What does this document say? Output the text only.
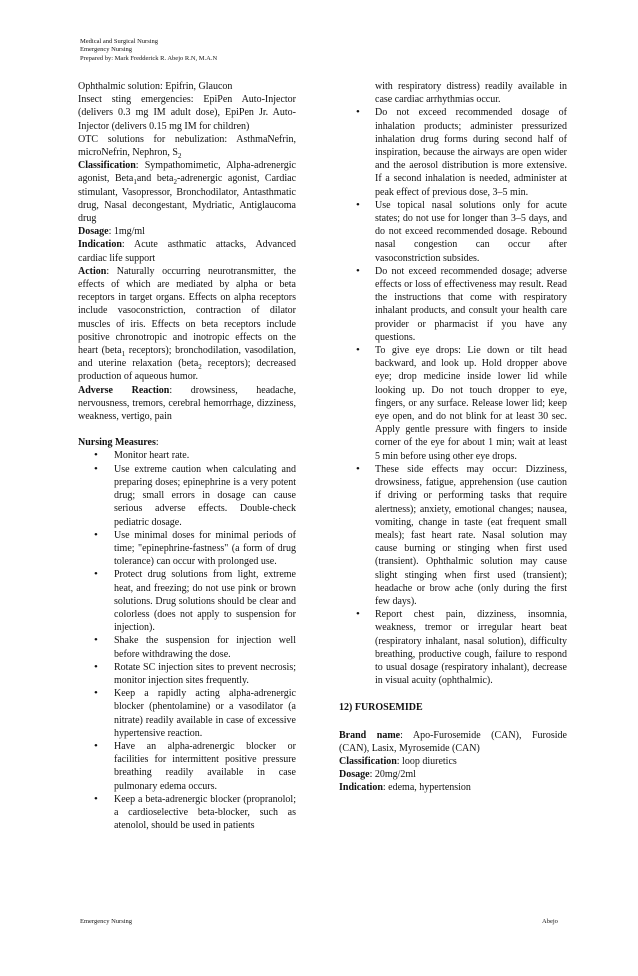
Medical and Surgical Nursing
Emergency Nursing
Prepared by: Mark Fredderick R. Abejo R.N, M.A.N

Ophthalmic solution: Epifrin, Glaucon

Insect sting emergencies: EpiPen Auto-Injector (delivers 0.3 mg IM adult dose), EpiPen Jr. Auto-Injector (delivers 0.15 mg IM for children)

OTC solutions for nebulization: AsthmaNefrin, microNefrin, Nephron, $S_2$

Classification: Sympathomimetic, Alpha-adrenergic agonist, Beta$_1$and beta$_2$-adrenergic agonist, Cardiac stimulant, Vasopressor, Bronchodilator, Antasthmatic drug, Nasal decongestant, Mydriatic, Antiglaucoma drug

Dosage: 1mg/ml

Indication: Acute asthmatic attacks, Advanced cardiac life support

Action: Naturally occurring neurotransmitter, the effects of which are mediated by alpha or beta receptors in target organs. Effects on alpha receptors include vasoconstriction, contraction of dilator muscles of iris. Effects on beta receptors include positive chronotropic and inotropic effects on the heart (beta$_1$ receptors); bronchodilation, vasodilation, and uterine relaxation (beta$_2$ receptors); decreased production of aqueous humor.

Adverse Reaction: drowsiness, headache, nervousness, tremors, cerebral hemorrhage, dizziness, weakness, vertigo, pain

Nursing Measures:

• Monitor heart rate.
• Use extreme caution when calculating and preparing doses; epinephrine is a very potent drug; small errors in dosage can cause serious adverse effects. Double-check pediatric dosage.
• Use minimal doses for minimal periods of time; "epinephrine-fastness" (a form of drug tolerance) can occur with prolonged use.
• Protect drug solutions from light, extreme heat, and freezing; do not use pink or brown solutions. Drug solutions should be clear and colorless (does not apply to suspension for injection).
• Shake the suspension for injection well before withdrawing the dose.
• Rotate SC injection sites to prevent necrosis; monitor injection sites frequently.
• Keep a rapidly acting alpha-adrenergic blocker (phentolamine) or a vasodilator (a nitrate) readily available in case of excessive hypertensive reaction.
• Have an alpha-adrenergic blocker or facilities for intermittent positive pressure breathing readily available in case pulmonary edema occurs.
• Keep a beta-adrenergic blocker (propranolol; a cardioselective beta-blocker, such as atenolol, should be used in patients

with respiratory distress) readily available in case cardiac arrhythmias occur.

• Do not exceed recommended dosage of inhalation products; administer pressurized inhalation drug forms during second half of inspiration, because the airways are open wider and the aerosol distribution is more extensive. If a second inhalation is needed, administer at peak effect of previous dose, 3–5 min.
• Use topical nasal solutions only for acute states; do not use for longer than 3–5 days, and do not exceed recommended dosage. Rebound nasal congestion can occur after vasoconstriction subsides.
• Do not exceed recommended dosage; adverse effects or loss of effectiveness may result. Read the instructions that come with respiratory inhalant products, and consult your health care provider or pharmacist if you have any questions.
• To give eye drops: Lie down or tilt head backward, and look up. Hold dropper above eye; drop medicine inside lower lid while looking up. Do not touch dropper to eye, fingers, or any surface. Release lower lid; keep eye open, and do not blink for at least 30 sec. Apply gentle pressure with fingers to inside corner of the eye for about 1 min; wait at least 5 min before using other eye drops.
• These side effects may occur: Dizziness, drowsiness, fatigue, apprehension (use caution if driving or performing tasks that require alertness); anxiety, emotional changes; nausea, vomiting, change in taste (eat frequent small meals); fast heart rate. Nasal solution may cause burning or stinging when first used (transient). Ophthalmic solution may cause slight stinging when first used (transient); headache or brow ache (only during the first few days).
• Report chest pain, dizziness, insomnia, weakness, tremor or irregular heart beat (respiratory inhalant, nasal solution), difficulty breathing, productive cough, failure to respond to usual dosage (respiratory inhalant), decrease in visual acuity (ophthalmic).

12) FUROSEMIDE

Brand name: Apo-Furosemide (CAN), Furoside (CAN), Lasix, Myrosemide (CAN)

Classification: loop diuretics

Dosage: 20mg/2ml

Indication: edema, hypertension

Emergency Nursing	Abejo
